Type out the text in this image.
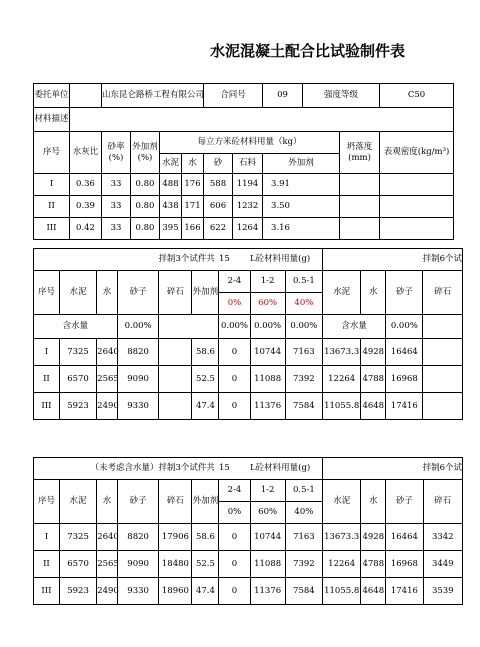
水泥混凝土配合比试验制件表
委托单位		山东昆仑路桥工程有限公司				合同号		09	强度等级		C50
材料描述											
序号	水灰比	砂率(%)	外加剂(%)	每立方米砼材料用量（kg）						坍落度(mm)	表观密度(kg/m³)
				水泥	水	砂	石料	外加剂			
I	0.36	33	0.80	488	176	588	1194	3.91			
II	0.39	33	0.80	438	171	606	1232	3.50			
III	0.42	33	0.80	395	166	622	1264	3.16			
拌制3个试件共						15	L砼材料用量(g)		拌制6个试			
序号	水泥	水	砂子	碎石	外加剂	2-4	1-2	0.5-1	水泥	水	砂子	碎石
						0%	60%	40%				
含水量			0.00%			0.00%	0.00%	0.00%	含水量		0.00%	
I	7325	2640	8820		58.6	0	10744	7163	13673.3	4928	16464	
II	6570	2565	9090		52.5	0	11088	7392	12264	4788	16968	
III	5923	2490	9330		47.4	0	11376	7584	11055.8	4648	17416	
（未考虑含水量）拌制3个试件共						15	L砼材料用量(g)		拌制6个试			
序号	水泥	水	砂子	碎石	外加剂	2-4	1-2	0.5-1	水泥	水	砂子	碎石
						0%	60%	40%				
I	7325	2640	8820	17906	58.6	0	10744	7163	13673.3	4928	16464	3342
II	6570	2565	9090	18480	52.5	0	11088	7392	12264	4788	16968	3449
III	5923	2490	9330	18960	47.4	0	11376	7584	11055.8	4648	17416	3539
